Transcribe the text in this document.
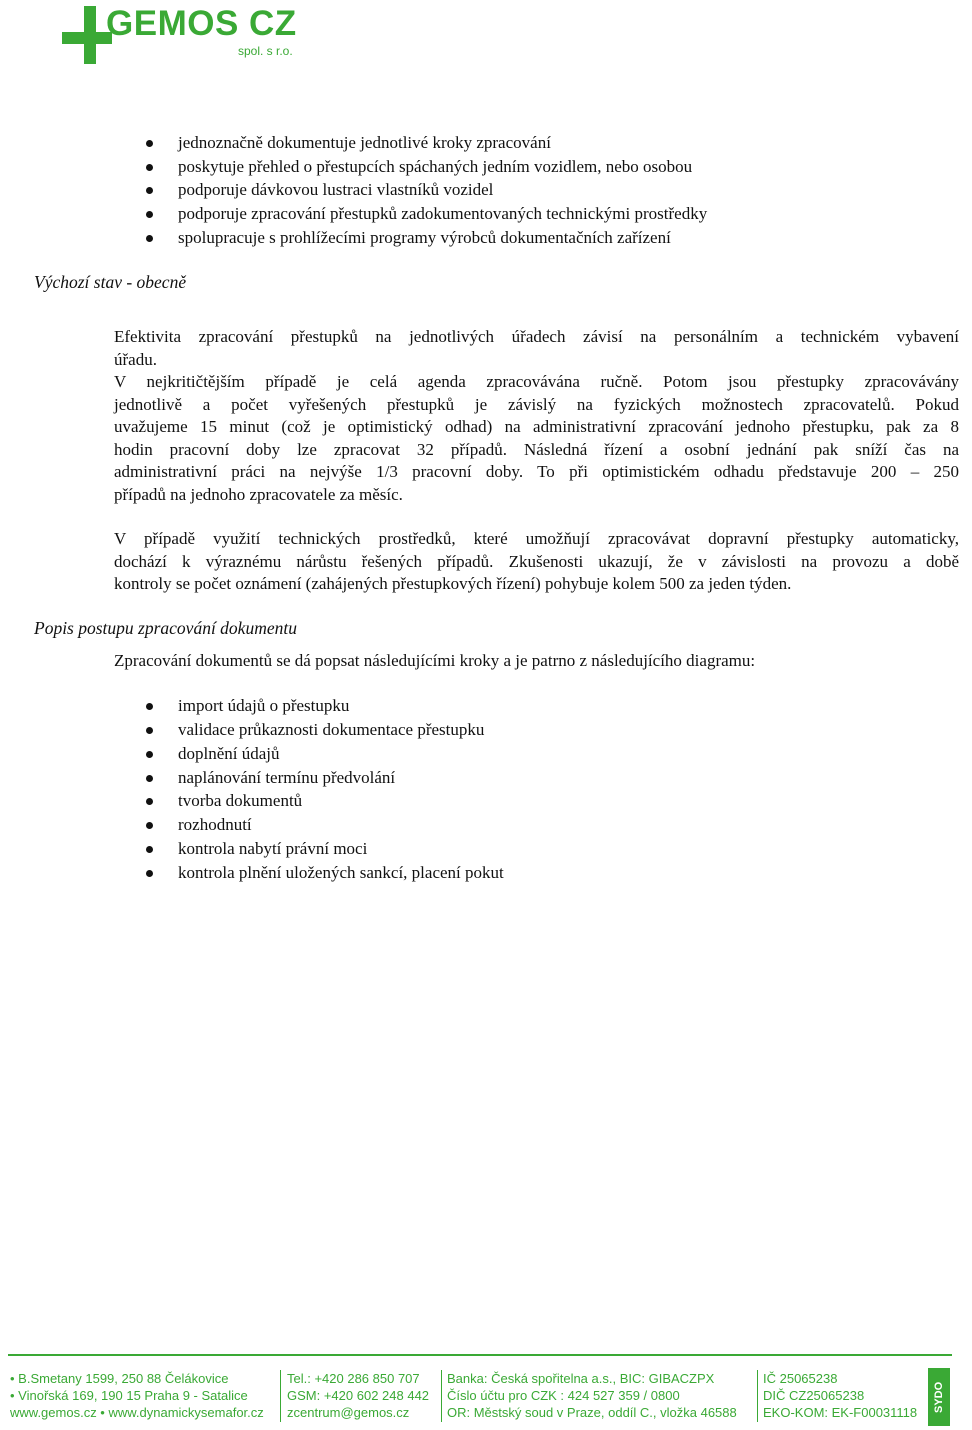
GEMOS CZ
spol. s r.o.
jednoznačně dokumentuje jednotlivé kroky zpracování
poskytuje přehled o přestupcích spáchaných jedním vozidlem, nebo osobou
podporuje dávkovou lustraci vlastníků vozidel
podporuje zpracování přestupků zadokumentovaných technickými prostředky
spolupracuje s prohlížecími programy výrobců dokumentačních zařízení
Výchozí stav - obecně
Efektivita zpracování přestupků na jednotlivých úřadech závisí na personálním a technickém vybavení
úřadu.
V nejkritičtějším případě je celá agenda zpracovávána ručně. Potom jsou přestupky zpracovávány
jednotlivě a počet vyřešených přestupků je závislý na fyzických možnostech zpracovatelů. Pokud
uvažujeme 15 minut (což je optimistický odhad) na administrativní zpracování jednoho přestupku, pak za 8
hodin pracovní doby lze zpracovat 32 případů. Následná řízení a osobní jednání pak sníží čas na
administrativní práci na nejvýše 1/3 pracovní doby. To při optimistickém odhadu představuje 200 – 250
případů na jednoho zpracovatele za měsíc.
V případě využití technických prostředků, které umožňují zpracovávat dopravní přestupky automaticky,
dochází k výraznému nárůstu řešených případů. Zkušenosti ukazují, že v závislosti na provozu a době
kontroly se počet oznámení (zahájených přestupkových řízení) pohybuje kolem 500 za jeden týden.
Popis postupu zpracování dokumentu
Zpracování dokumentů se dá popsat následujícími kroky a je patrno z následujícího diagramu:
import údajů o přestupku
validace průkaznosti dokumentace přestupku
doplnění údajů
naplánování termínu předvolání
tvorba dokumentů
rozhodnutí
kontrola nabytí právní moci
kontrola plnění uložených sankcí, placení pokut
• B.Smetany 1599, 250 88 Čelákovice
• Vinořská 169, 190 15 Praha 9 - Satalice
www.gemos.cz • www.dynamickysemafor.cz
Tel.: +420 286 850 707
GSM: +420 602 248 442
zcentrum@gemos.cz
Banka: Česká spořitelna a.s., BIC: GIBACZPX
Číslo účtu pro CZK : 424 527 359 / 0800
OR: Městský soud v Praze, oddíl C., vložka 46588
IČ 25065238
DIČ CZ25065238
EKO-KOM: EK-F00031118	SYDO Traffic
